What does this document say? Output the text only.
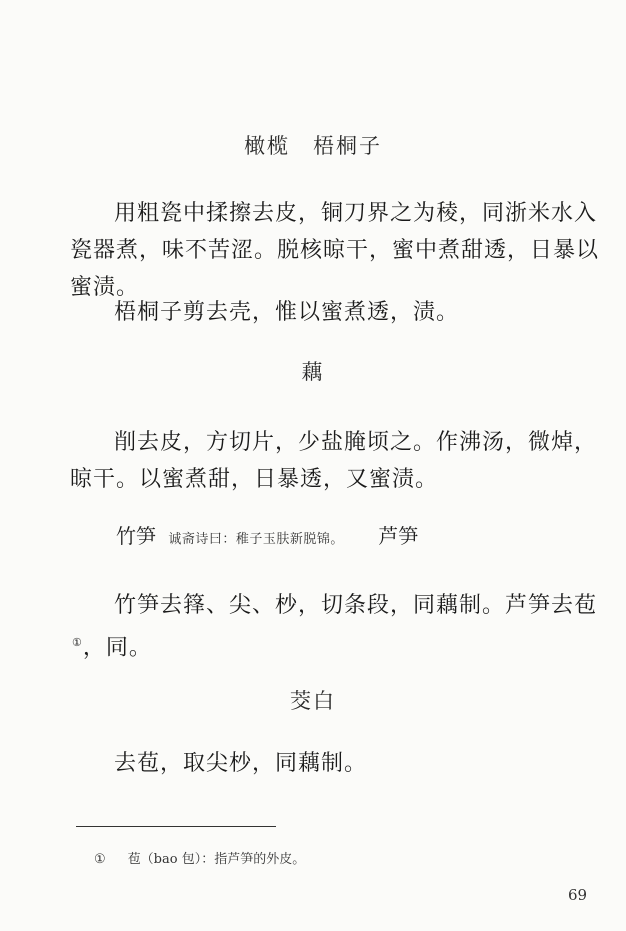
橄榄　梧桐子

用粗瓷中揉擦去皮，铜刀界之为稜，同浙米水入瓷器煮，味不苦涩。脱核晾干，蜜中煮甜透，日暴以蜜渍。

梧桐子剪去壳，惟以蜜煮透，渍。

藕

削去皮，方切片，少盐腌顷之。作沸汤，微焯，晾干。以蜜煮甜，日暴透，又蜜渍。

竹笋 诚斋诗曰：稚子玉肤新脱锦。 芦笋

竹笋去箨、尖、杪，切条段，同藕制。芦笋去苞①，同。

茭白

去苞，取尖杪，同藕制。

① 苞（bao 包）：指芦笋的外皮。
69
